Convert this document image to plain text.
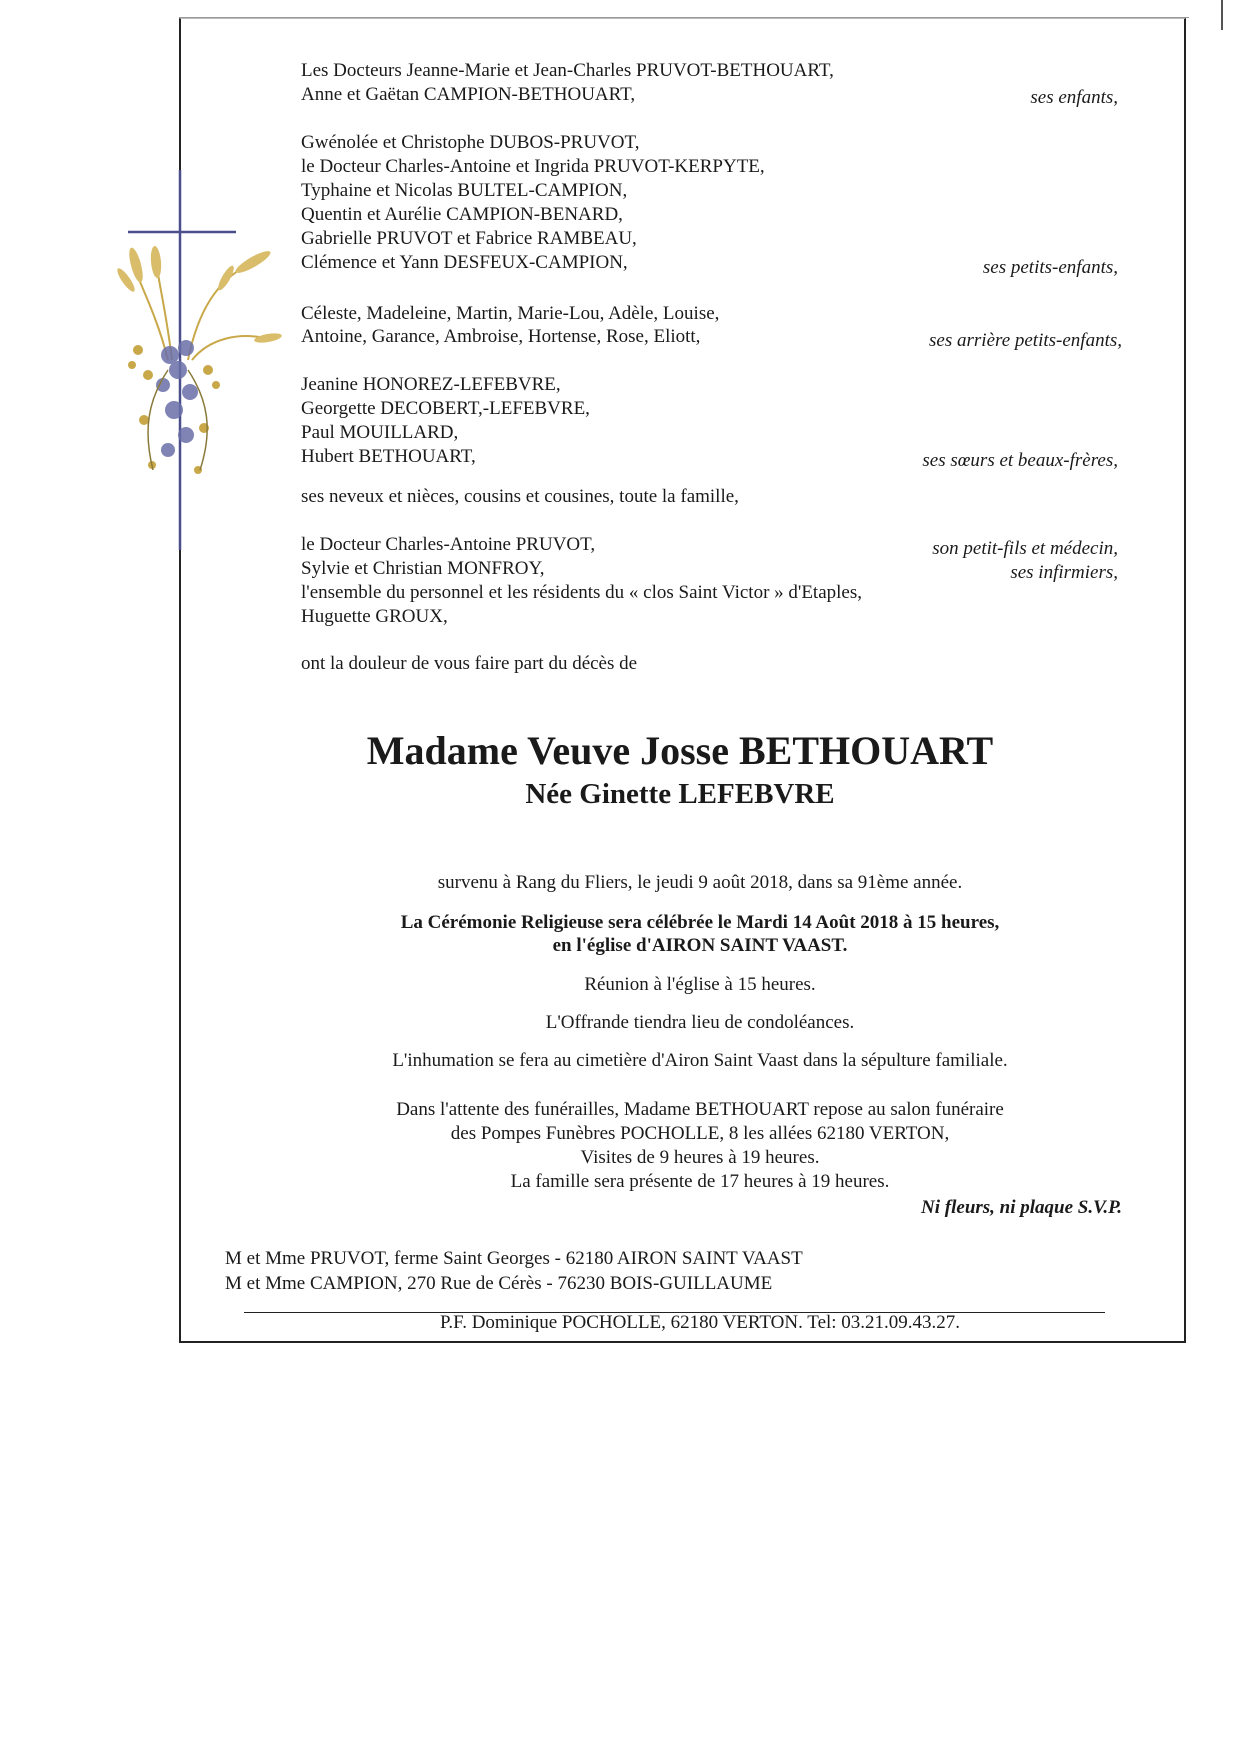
Les Docteurs Jeanne-Marie et Jean-Charles PRUVOT-BETHOUART,
Anne et Gaëtan CAMPION-BETHOUART,	ses enfants,
Gwénolée et Christophe DUBOS-PRUVOT,
le Docteur Charles-Antoine et Ingrida PRUVOT-KERPYTE,
Typhaine et Nicolas BULTEL-CAMPION,
Quentin et Aurélie CAMPION-BENARD,
Gabrielle PRUVOT et Fabrice RAMBEAU,
Clémence et Yann DESFEUX-CAMPION,	ses petits-enfants,
Céleste, Madeleine, Martin, Marie-Lou, Adèle, Louise,
Antoine, Garance, Ambroise, Hortense, Rose, Eliott,	ses arrière petits-enfants,
Jeanine HONOREZ-LEFEBVRE,
Georgette DECOBERT,-LEFEBVRE,
Paul MOUILLARD,
Hubert BETHOUART,	ses sœurs et beaux-frères,
ses neveux et nièces, cousins et cousines, toute la famille,
le Docteur Charles-Antoine PRUVOT,
Sylvie et Christian MONFROY,
l'ensemble du personnel et les résidents du « clos Saint Victor » d'Etaples,
Huguette GROUX,
son petit-fils et médecin,
ses infirmiers,
ont la douleur de vous faire part du décès de
Madame Veuve Josse BETHOUART
Née Ginette LEFEBVRE
survenu à Rang du Fliers, le jeudi 9 août 2018, dans sa 91ème année.
La Cérémonie Religieuse sera célébrée le Mardi 14 Août 2018 à 15 heures,
en l'église d'AIRON SAINT VAAST.
Réunion à l'église à 15 heures.
L'Offrande tiendra lieu de condoléances.
L'inhumation se fera au cimetière d'Airon Saint Vaast dans la sépulture familiale.
Dans l'attente des funérailles, Madame BETHOUART repose au salon funéraire
des Pompes Funèbres POCHOLLE, 8 les allées 62180 VERTON,
Visites de 9 heures à 19 heures.
La famille sera présente de 17 heures à 19 heures.
Ni fleurs, ni plaque S.V.P.
M et Mme PRUVOT, ferme Saint Georges - 62180 AIRON SAINT VAAST
M et Mme CAMPION, 270 Rue de Cérès - 76230 BOIS-GUILLAUME
P.F. Dominique POCHOLLE, 62180 VERTON. Tel: 03.21.09.43.27.
